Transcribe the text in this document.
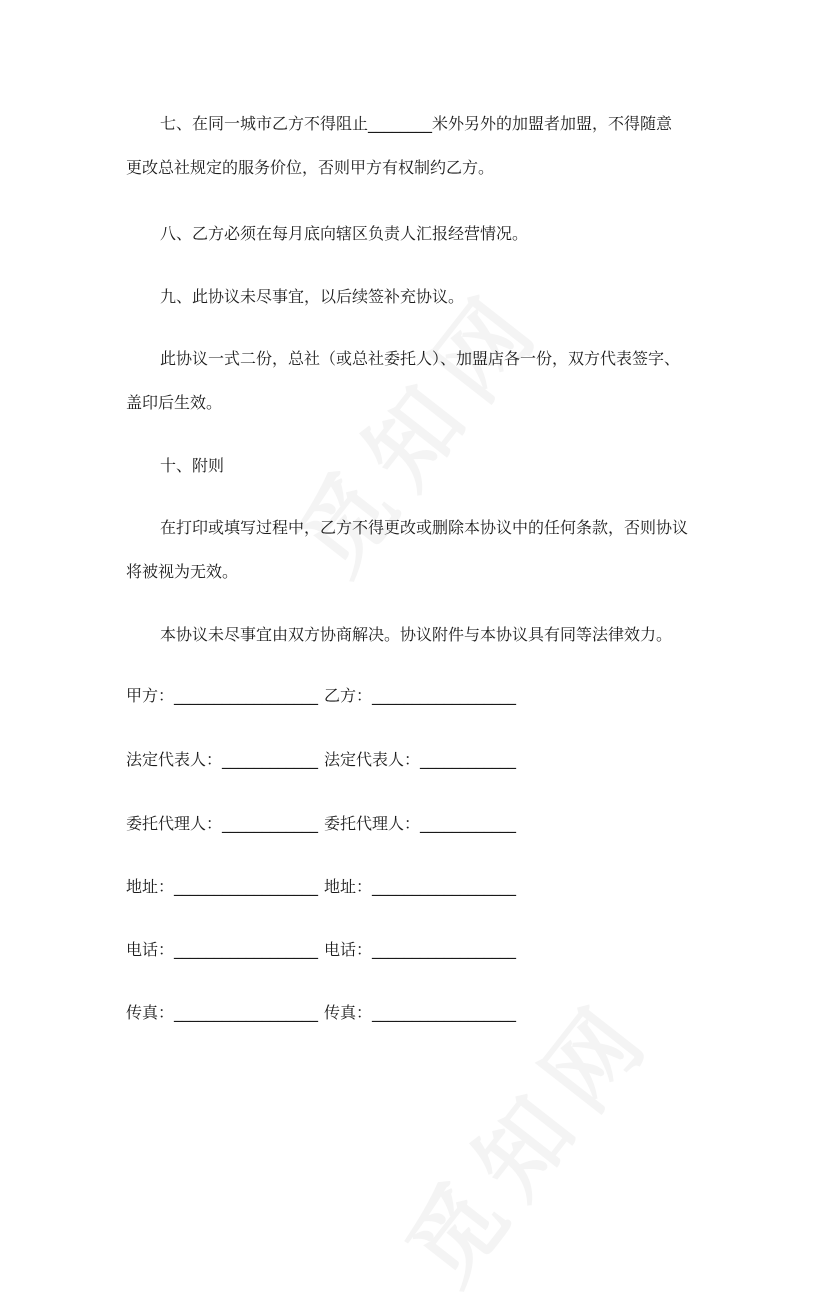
七、在同一城市乙方不得阻止________米外另外的加盟者加盟，不得随意
更改总社规定的服务价位，否则甲方有权制约乙方。
八、乙方必须在每月底向辖区负责人汇报经营情况。
九、此协议未尽事宜，以后续签补充协议。
此协议一式二份，总社（或总社委托人）、加盟店各一份，双方代表签字、
盖印后生效。
十、附则
在打印或填写过程中，乙方不得更改或删除本协议中的任何条款，否则协议
将被视为无效。
本协议未尽事宜由双方协商解决。协议附件与本协议具有同等法律效力。
甲方：__________________ 乙方：__________________
法定代表人：____________ 法定代表人：____________
委托代理人：____________ 委托代理人：____________
地址：__________________ 地址：__________________
电话：__________________ 电话：__________________
传真：__________________ 传真：__________________
